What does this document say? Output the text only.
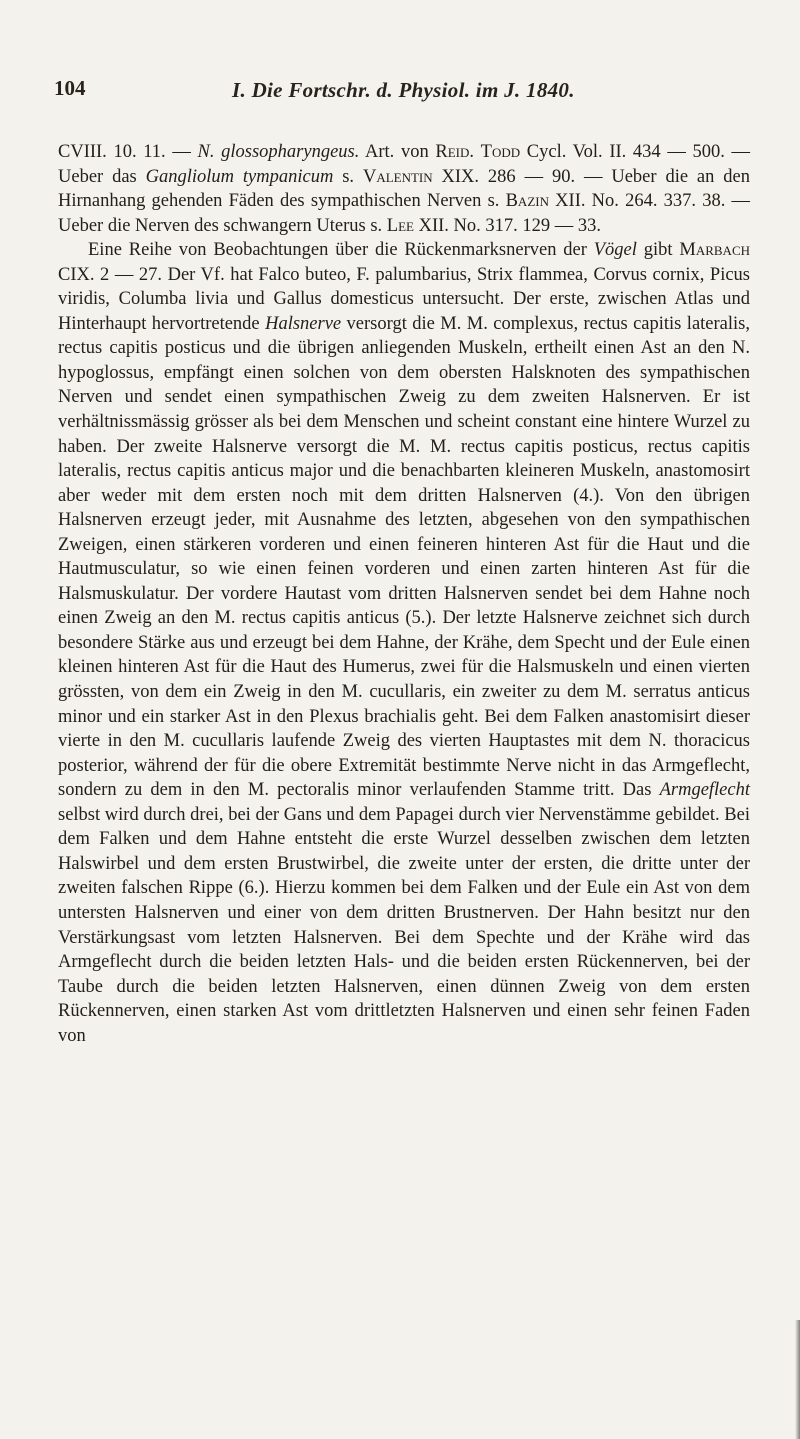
104	I. Die Fortschr. d. Physiol. im J. 1840.

CVIII. 10. 11. — N. glossopharyngeus. Art. von Reid. Todd Cycl. Vol. II. 434 — 500. — Ueber das Gangliolum tympanicum s. Valentin XIX. 286 — 90. — Ueber die an den Hirnanhang gehenden Fäden des sympathischen Nerven s. Bazin XII. No. 264. 337. 38. — Ueber die Nerven des schwangern Uterus s. Lee XII. No. 317. 129 — 33.

Eine Reihe von Beobachtungen über die Rückenmarksnerven der Vögel gibt Marbach CIX. 2 — 27. Der Vf. hat Falco buteo, F. palumbarius, Strix flammea, Corvus cornix, Picus viridis, Columba livia und Gallus domesticus untersucht. Der erste, zwischen Atlas und Hinterhaupt hervortretende Halsnerve versorgt die M. M. complexus, rectus capitis lateralis, rectus capitis posticus und die übrigen anliegenden Muskeln, ertheilt einen Ast an den N. hypoglossus, empfängt einen solchen von dem obersten Halsknoten des sympathischen Nerven und sendet einen sympathischen Zweig zu dem zweiten Halsnerven. Er ist verhältnissmässig grösser als bei dem Menschen und scheint constant eine hintere Wurzel zu haben. Der zweite Halsnerve versorgt die M. M. rectus capitis posticus, rectus capitis lateralis, rectus capitis anticus major und die benachbarten kleineren Muskeln, anastomosirt aber weder mit dem ersten noch mit dem dritten Halsnerven (4.). Von den übrigen Halsnerven erzeugt jeder, mit Ausnahme des letzten, abgesehen von den sympathischen Zweigen, einen stärkeren vorderen und einen feineren hinteren Ast für die Haut und die Hautmusculatur, so wie einen feinen vorderen und einen zarten hinteren Ast für die Halsmuskulatur. Der vordere Hautast vom dritten Halsnerven sendet bei dem Hahne noch einen Zweig an den M. rectus capitis anticus (5.). Der letzte Halsnerve zeichnet sich durch besondere Stärke aus und erzeugt bei dem Hahne, der Krähe, dem Specht und der Eule einen kleinen hinteren Ast für die Haut des Humerus, zwei für die Halsmuskeln und einen vierten grössten, von dem ein Zweig in den M. cucullaris, ein zweiter zu dem M. serratus anticus minor und ein starker Ast in den Plexus brachialis geht. Bei dem Falken anastomisirt dieser vierte in den M. cucullaris laufende Zweig des vierten Hauptastes mit dem N. thoracicus posterior, während der für die obere Extremität bestimmte Nerve nicht in das Armgeflecht, sondern zu dem in den M. pectoralis minor verlaufenden Stamme tritt. Das Armgeflecht selbst wird durch drei, bei der Gans und dem Papagei durch vier Nervenstämme gebildet. Bei dem Falken und dem Hahne entsteht die erste Wurzel desselben zwischen dem letzten Halswirbel und dem ersten Brustwirbel, die zweite unter der ersten, die dritte unter der zweiten falschen Rippe (6.). Hierzu kommen bei dem Falken und der Eule ein Ast von dem untersten Halsnerven und einer von dem dritten Brustnerven. Der Hahn besitzt nur den Verstärkungsast vom letzten Halsnerven. Bei dem Spechte und der Krähe wird das Armgeflecht durch die beiden letzten Hals- und die beiden ersten Rückennerven, bei der Taube durch die beiden letzten Halsnerven, einen dünnen Zweig von dem ersten Rückennerven, einen starken Ast vom drittletzten Halsnerven und einen sehr feinen Faden von
